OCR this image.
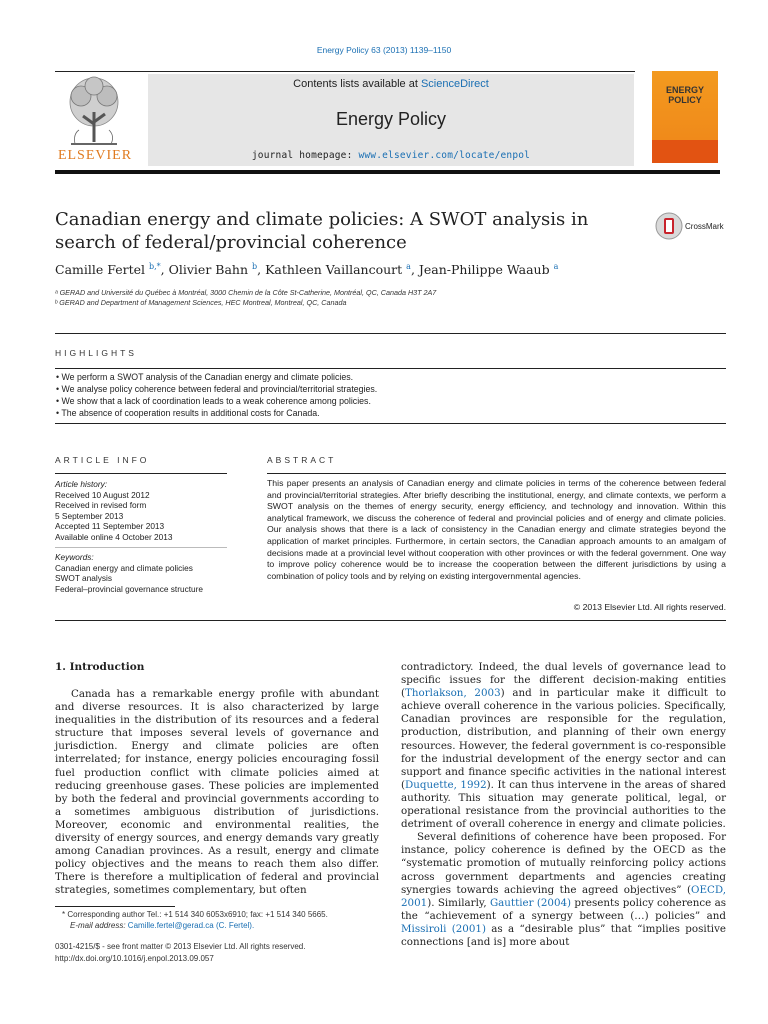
Energy Policy 63 (2013) 1139–1150
Contents lists available at ScienceDirect
Energy Policy
journal homepage: www.elsevier.com/locate/enpol
ELSEVIER
ENERGY POLICY
Canadian energy and climate policies: A SWOT analysis in search of federal/provincial coherence
CrossMark
Camille Fertel $^{b,*}$, Olivier Bahn $^b$, Kathleen Vaillancourt $^a$, Jean-Philippe Waaub $^a$
ᵃ GERAD and Université du Québec à Montréal, 3000 Chemin de la Côte St-Catherine, Montréal, QC, Canada H3T 2A7
ᵇ GERAD and Department of Management Sciences, HEC Montreal, Montreal, QC, Canada
HIGHLIGHTS
• We perform a SWOT analysis of the Canadian energy and climate policies.
• We analyse policy coherence between federal and provincial/territorial strategies.
• We show that a lack of coordination leads to a weak coherence among policies.
• The absence of cooperation results in additional costs for Canada.
ARTICLE INFO
Article history:
Received 10 August 2012
Received in revised form
5 September 2013
Accepted 11 September 2013
Available online 4 October 2013
Keywords:
Canadian energy and climate policies
SWOT analysis
Federal–provincial governance structure
ABSTRACT
This paper presents an analysis of Canadian energy and climate policies in terms of the coherence between federal and provincial/territorial strategies. After briefly describing the institutional, energy, and climate contexts, we perform a SWOT analysis on the themes of energy security, energy efficiency, and technology and innovation. Within this analytical framework, we discuss the coherence of federal and provincial policies and of energy and climate policies. Our analysis shows that there is a lack of consistency in the Canadian energy and climate strategies beyond the application of market principles. Furthermore, in certain sectors, the Canadian approach amounts to an amalgam of decisions made at a provincial level without cooperation with other provinces or with the federal government. One way to improve policy coherence would be to increase the cooperation between the different jurisdictions by using a combination of policy tools and by relying on existing intergovernmental agencies.
© 2013 Elsevier Ltd. All rights reserved.
1. Introduction

Canada has a remarkable energy profile with abundant and diverse resources. It is also characterized by large inequalities in the distribution of its resources and a federal structure that imposes several levels of governance and jurisdiction. Energy and climate policies are often interrelated; for instance, energy policies encouraging fossil fuel production conflict with climate policies aimed at reducing greenhouse gases. These policies are implemented by both the federal and provincial governments according to a sometimes ambiguous distribution of jurisdictions. Moreover, economic and environmental realities, the diversity of energy sources, and energy demands vary greatly among Canadian provinces. As a result, energy and climate policy objectives and the means to reach them also differ. There is therefore a multiplication of federal and provincial strategies, sometimes complementary, but often

contradictory. Indeed, the dual levels of governance lead to specific issues for the different decision-making entities (Thorlakson, 2003) and in particular make it difficult to achieve overall coherence in the various policies. Specifically, Canadian provinces are responsible for the regulation, production, distribution, and planning of their own energy resources. However, the federal government is co-responsible for the industrial development of the energy sector and can support and finance specific activities in the national interest (Duquette, 1992). It can thus intervene in the areas of shared authority. This situation may generate political, legal, or operational resistance from the provincial authorities to the detriment of overall coherence in energy and climate policies.

Several definitions of coherence have been proposed. For instance, policy coherence is defined by the OECD as the “systematic promotion of mutually reinforcing policy actions across government departments and agencies creating synergies towards achieving the agreed objectives” (OECD, 2001). Similarly, Gauttier (2004) presents policy coherence as the “achievement of a synergy between (…) policies” and Missiroli (2001) as a “desirable plus” that “implies positive connections [and is] more about

* Corresponding author Tel.: +1 514 340 6053x6910; fax: +1 514 340 5665.
E-mail address: Camille.fertel@gerad.ca (C. Fertel).
0301-4215/$ - see front matter © 2013 Elsevier Ltd. All rights reserved.
http://dx.doi.org/10.1016/j.enpol.2013.09.057
